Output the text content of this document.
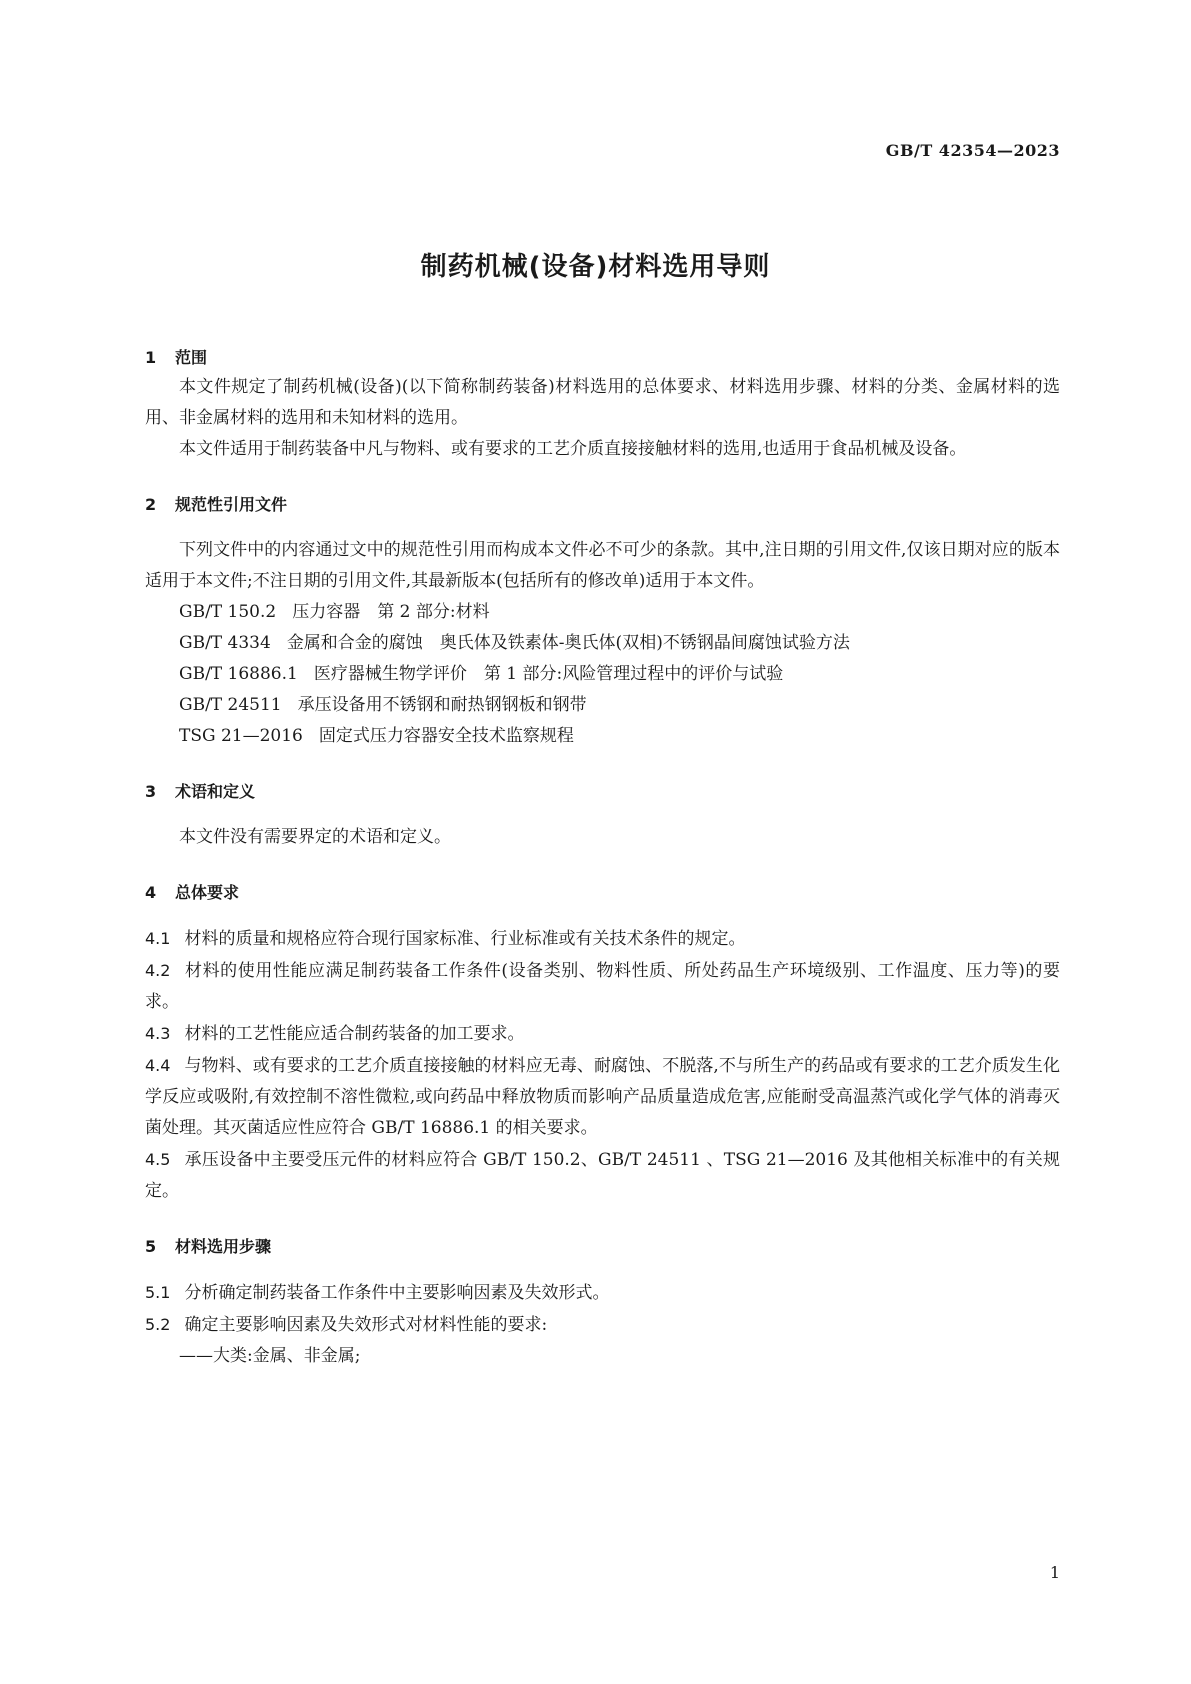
GB/T 42354—2023
制药机械(设备)材料选用导则
1 范围

本文件规定了制药机械(设备)(以下简称制药装备)材料选用的总体要求、材料选用步骤、材料的分类、金属材料的选用、非金属材料的选用和未知材料的选用。

本文件适用于制药装备中凡与物料、或有要求的工艺介质直接接触材料的选用,也适用于食品机械及设备。

2 规范性引用文件

下列文件中的内容通过文中的规范性引用而构成本文件必不可少的条款。其中,注日期的引用文件,仅该日期对应的版本适用于本文件;不注日期的引用文件,其最新版本(包括所有的修改单)适用于本文件。

GB/T 150.2 压力容器　第 2 部分:材料

GB/T 4334 金属和合金的腐蚀　奥氏体及铁素体-奥氏体(双相)不锈钢晶间腐蚀试验方法

GB/T 16886.1 医疗器械生物学评价　第 1 部分:风险管理过程中的评价与试验

GB/T 24511 承压设备用不锈钢和耐热钢钢板和钢带

TSG 21—2016 固定式压力容器安全技术监察规程

3 术语和定义

本文件没有需要界定的术语和定义。

4 总体要求

4.1 材料的质量和规格应符合现行国家标准、行业标准或有关技术条件的规定。

4.2 材料的使用性能应满足制药装备工作条件(设备类别、物料性质、所处药品生产环境级别、工作温度、压力等)的要求。

4.3 材料的工艺性能应适合制药装备的加工要求。

4.4 与物料、或有要求的工艺介质直接接触的材料应无毒、耐腐蚀、不脱落,不与所生产的药品或有要求的工艺介质发生化学反应或吸附,有效控制不溶性微粒,或向药品中释放物质而影响产品质量造成危害,应能耐受高温蒸汽或化学气体的消毒灭菌处理。其灭菌适应性应符合 GB/T 16886.1 的相关要求。

4.5 承压设备中主要受压元件的材料应符合 GB/T 150.2、GB/T 24511 、TSG 21—2016 及其他相关标准中的有关规定。

5 材料选用步骤

5.1 分析确定制药装备工作条件中主要影响因素及失效形式。

5.2 确定主要影响因素及失效形式对材料性能的要求:

——大类:金属、非金属;

1
